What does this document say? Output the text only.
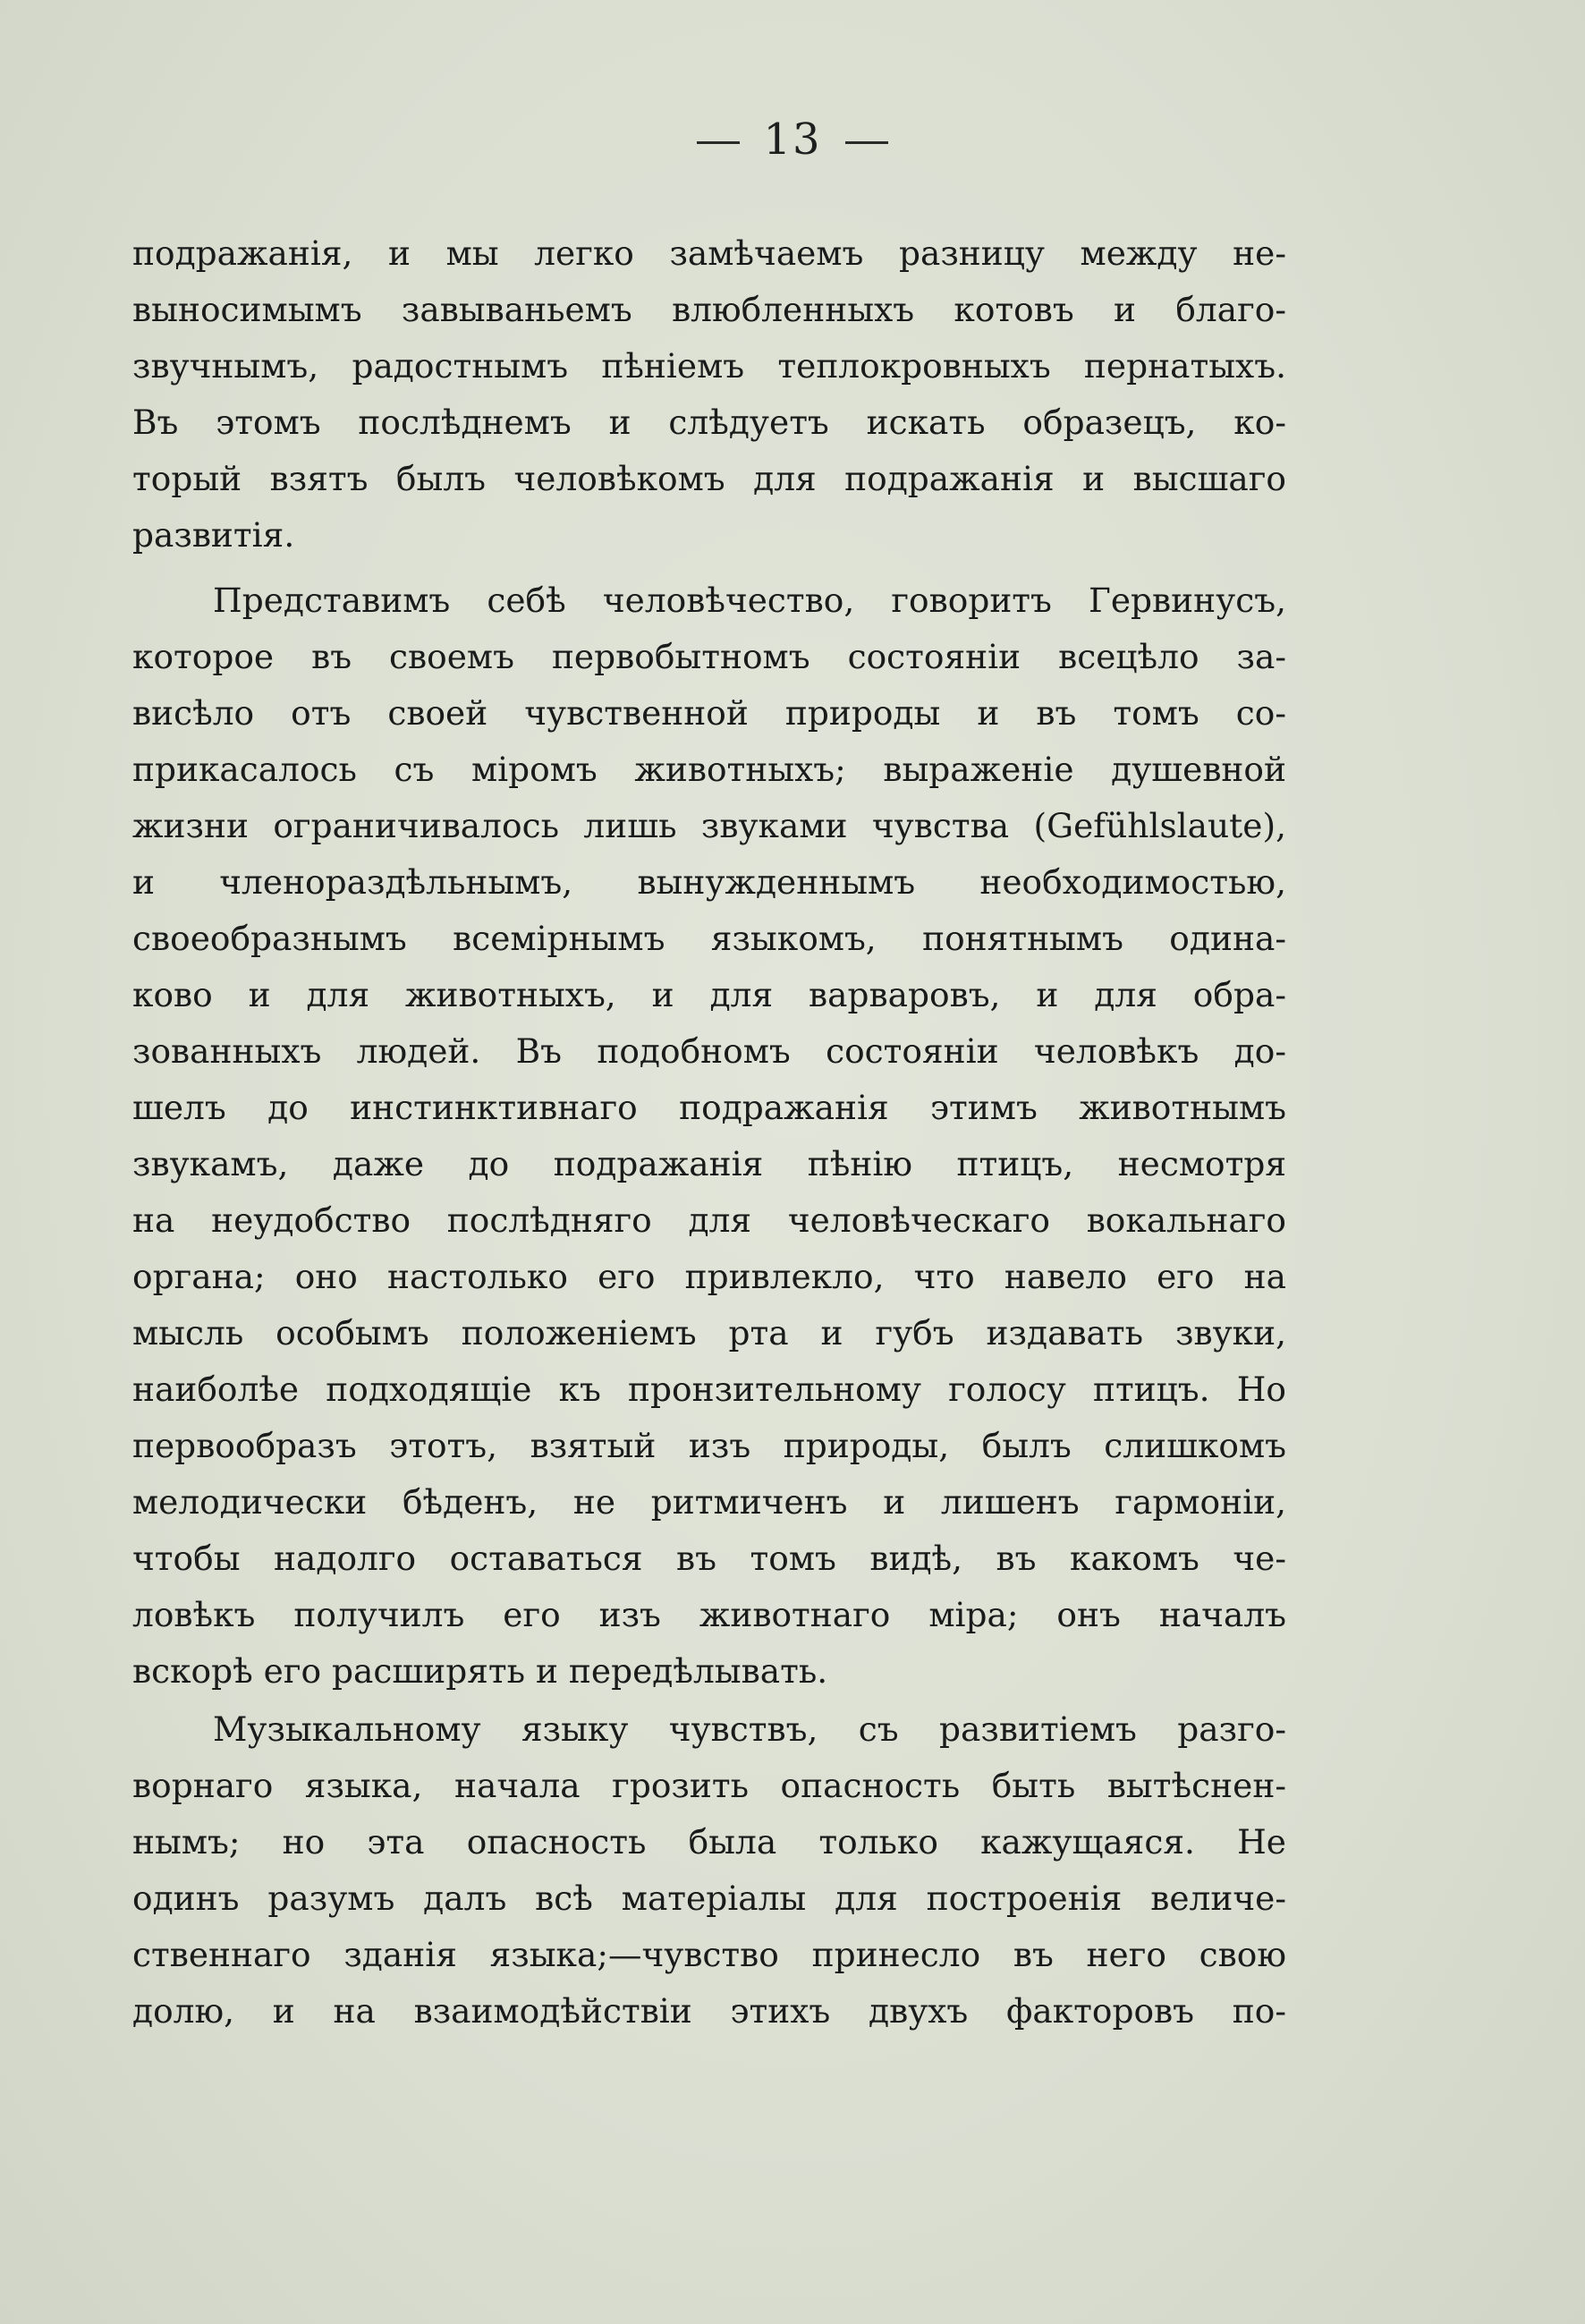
13
подражанія, и мы легко замѣчаемъ разницу между не-
выносимымъ завываньемъ влюбленныхъ котовъ и благо-
звучнымъ, радостнымъ пѣніемъ теплокровныхъ пернатыхъ.
Въ этомъ послѣднемъ и слѣдуетъ искать образецъ, ко-
торый взятъ былъ человѣкомъ для подражанія и высшаго
развитія.
Представимъ себѣ человѣчество, говоритъ Гервинусъ,
которое въ своемъ первобытномъ состояніи всецѣло за-
висѣло отъ своей чувственной природы и въ томъ со-
прикасалось съ міромъ животныхъ; выраженіе душевной
жизни ограничивалось лишь звуками чувства (Gefühlslaute),
и членораздѣльнымъ, вынужденнымъ необходимостью,
своеобразнымъ всемірнымъ языкомъ, понятнымъ одина-
ково и для животныхъ, и для варваровъ, и для обра-
зованныхъ людей. Въ подобномъ состояніи человѣкъ до-
шелъ до инстинктивнаго подражанія этимъ животнымъ
звукамъ, даже до подражанія пѣнію птицъ, несмотря
на неудобство послѣдняго для человѣческаго вокальнаго
органа; оно настолько его привлекло, что навело его на
мысль особымъ положеніемъ рта и губъ издавать звуки,
наиболѣе подходящіе къ пронзительному голосу птицъ. Но
первообразъ этотъ, взятый изъ природы, былъ слишкомъ
мелодически бѣденъ, не ритмиченъ и лишенъ гармоніи,
чтобы надолго оставаться въ томъ видѣ, въ какомъ че-
ловѣкъ получилъ его изъ животнаго міра; онъ началъ
вскорѣ его расширять и передѣлывать.
Музыкальному языку чувствъ, съ развитіемъ разго-
ворнаго языка, начала грозить опасность быть вытѣснен-
нымъ; но эта опасность была только кажущаяся. Не
одинъ разумъ далъ всѣ матеріалы для построенія величе-
ственнаго зданія языка;—чувство принесло въ него свою
долю, и на взаимодѣйствіи этихъ двухъ факторовъ по-
